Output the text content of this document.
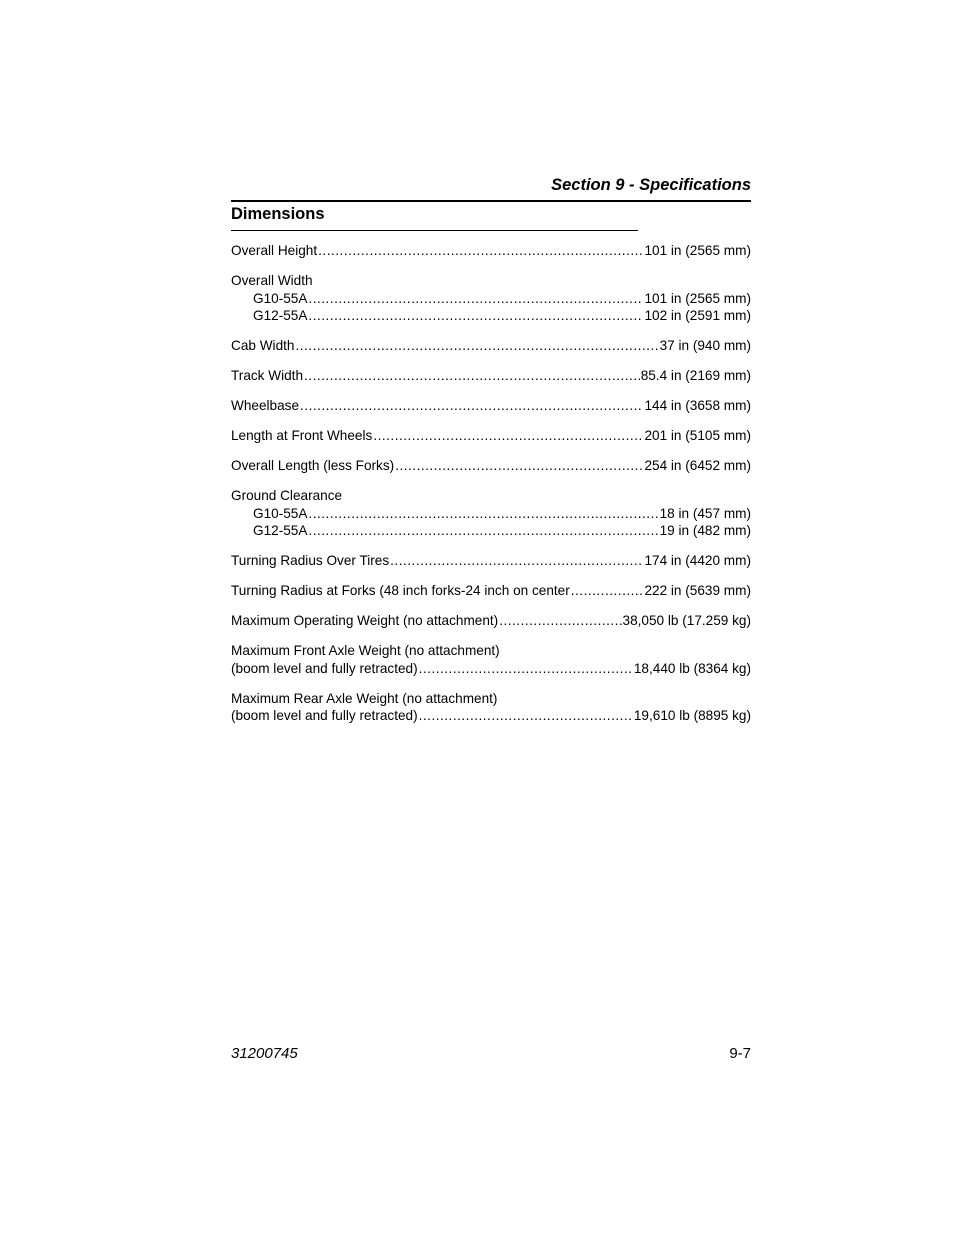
Section 9 - Specifications
Dimensions
Overall Height .....	101 in (2565 mm)
Overall Width
G10-55A .....	101 in (2565 mm)
G12-55A .....	102 in (2591 mm)
Cab Width .....	37 in (940 mm)
Track Width .....	85.4 in (2169 mm)
Wheelbase .....	144 in (3658 mm)
Length at Front Wheels .....	201 in (5105 mm)
Overall Length (less Forks) .....	254 in (6452 mm)
Ground Clearance
G10-55A .....	18 in (457 mm)
G12-55A .....	19 in (482 mm)
Turning Radius Over Tires .....	174 in (4420 mm)
Turning Radius at Forks (48 inch forks-24 inch on center .....	222 in (5639 mm)
Maximum Operating Weight (no attachment) .....	38,050 lb (17.259 kg)
Maximum Front Axle Weight (no attachment)
(boom level and fully retracted) .....	18,440 lb (8364 kg)
Maximum Rear Axle Weight (no attachment)
(boom level and fully retracted) .....	19,610 lb (8895 kg)
31200745	9-7
